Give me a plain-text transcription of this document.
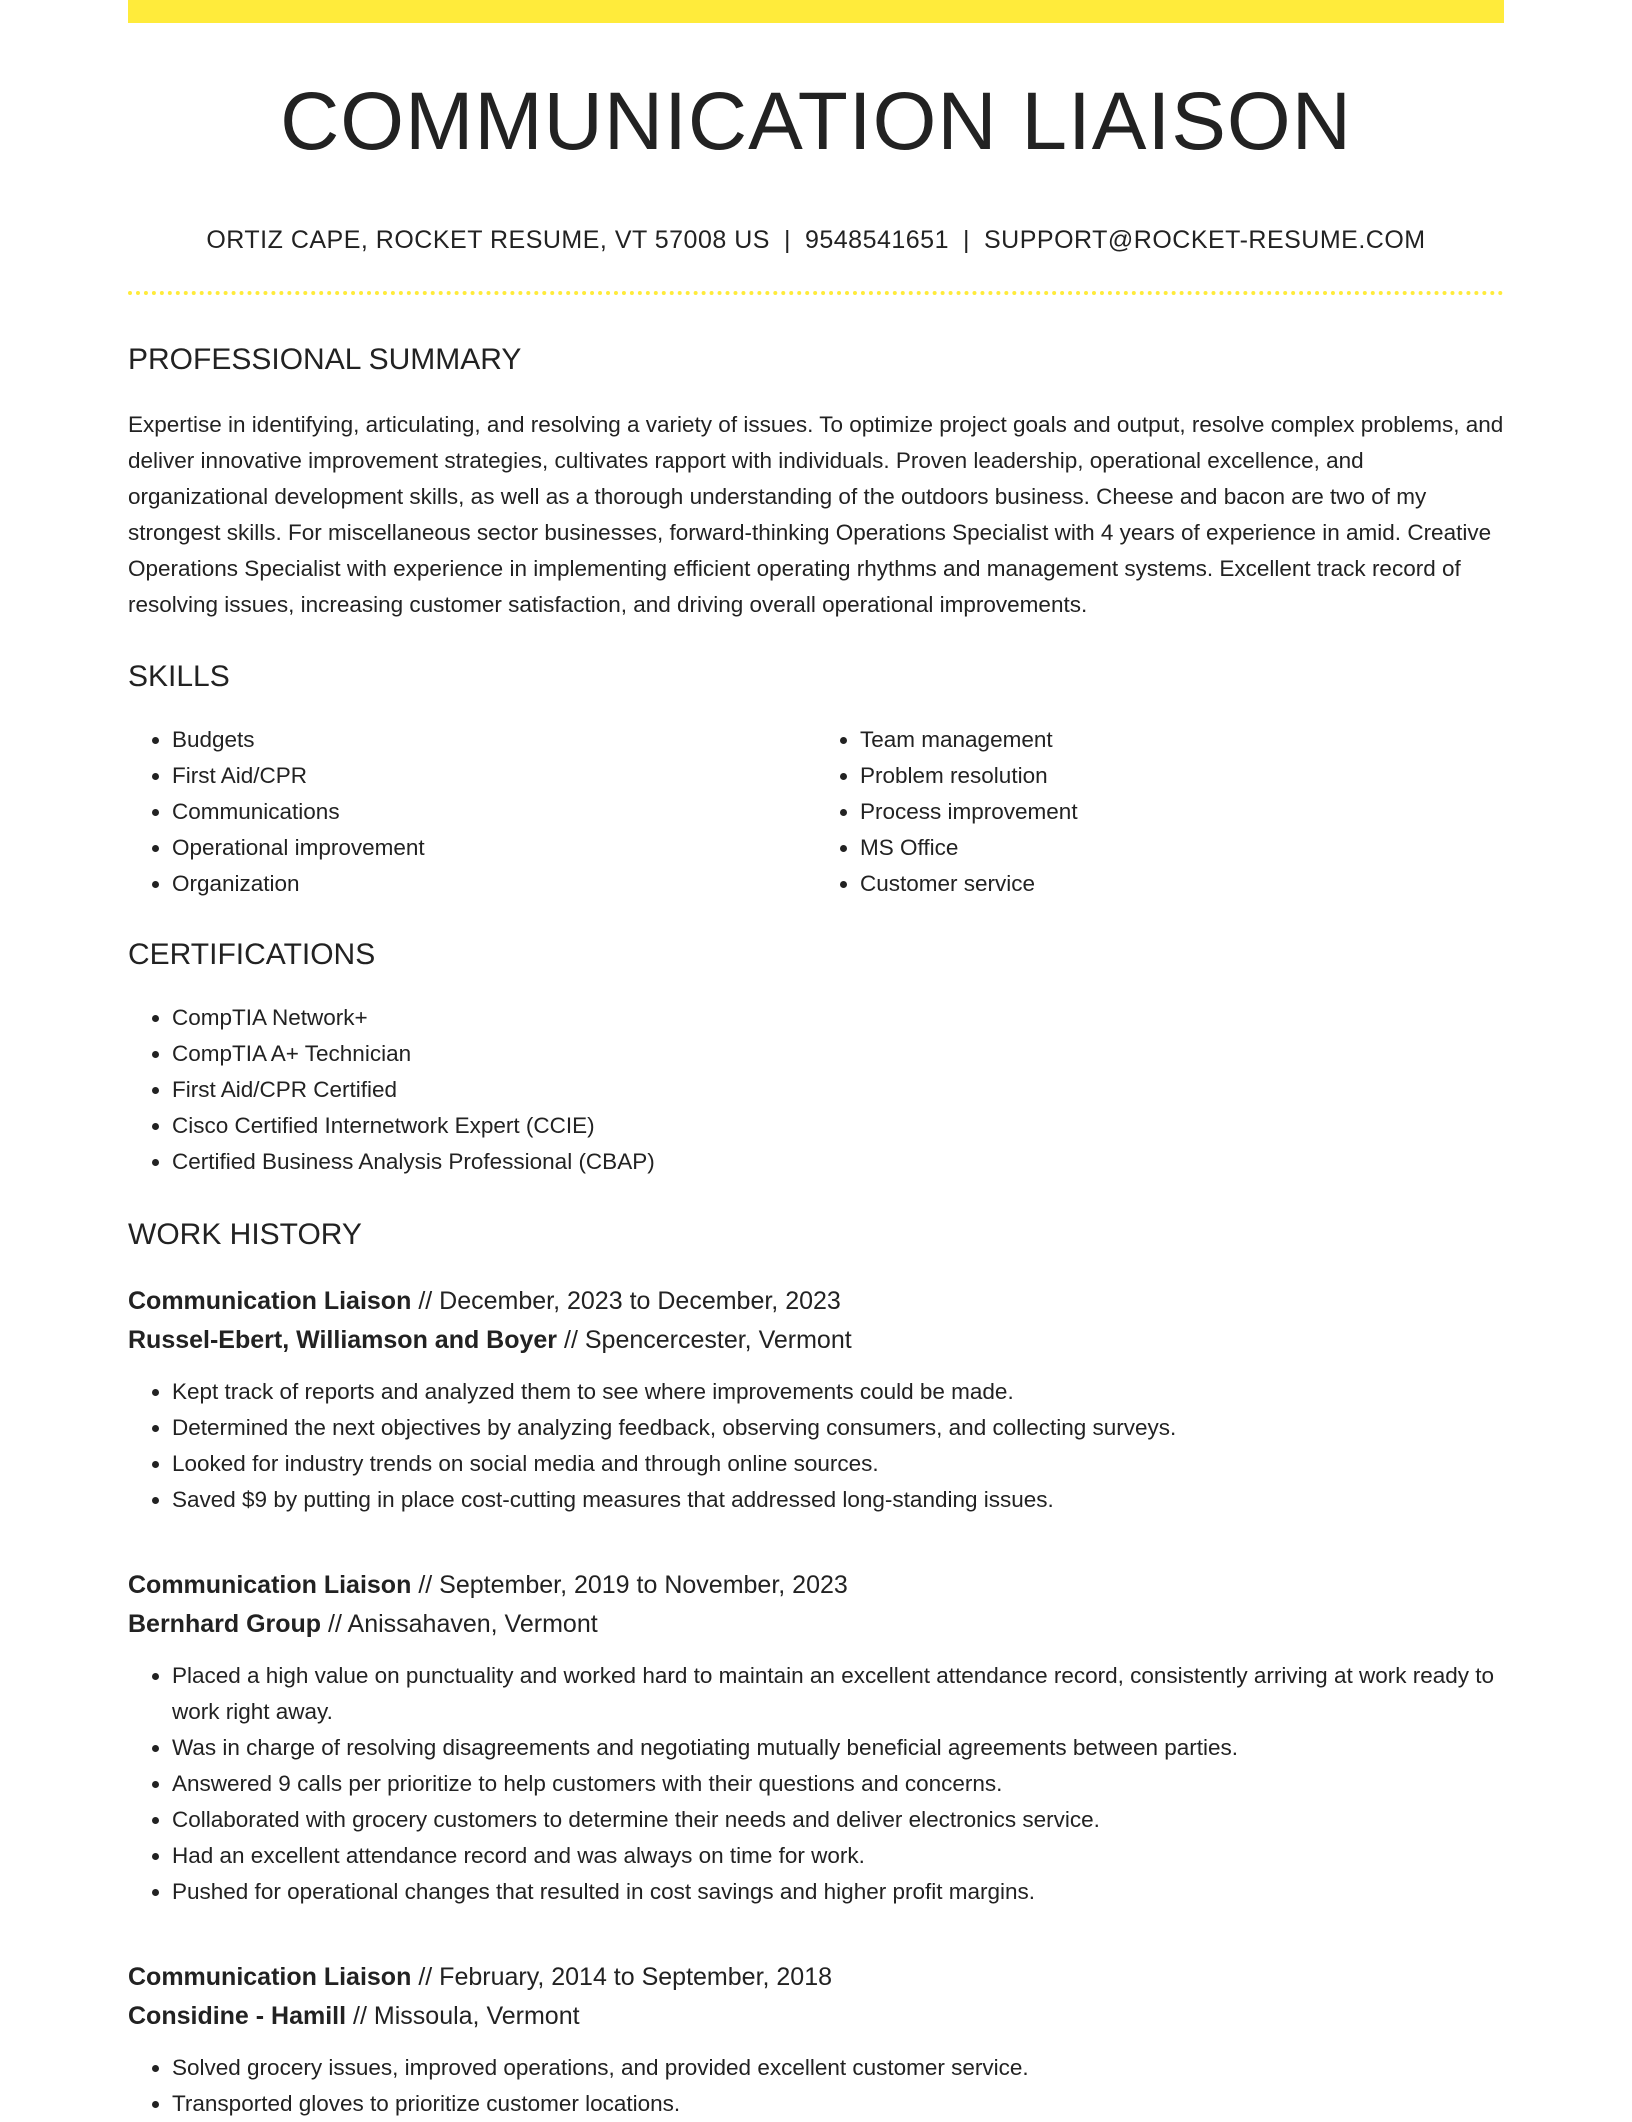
COMMUNICATION LIAISON
ORTIZ CAPE, ROCKET RESUME, VT 57008 US | 9548541651 | SUPPORT@ROCKET-RESUME.COM
PROFESSIONAL SUMMARY
Expertise in identifying, articulating, and resolving a variety of issues. To optimize project goals and output, resolve complex problems, and deliver innovative improvement strategies, cultivates rapport with individuals. Proven leadership, operational excellence, and organizational development skills, as well as a thorough understanding of the outdoors business. Cheese and bacon are two of my strongest skills. For miscellaneous sector businesses, forward-thinking Operations Specialist with 4 years of experience in amid. Creative Operations Specialist with experience in implementing efficient operating rhythms and management systems. Excellent track record of resolving issues, increasing customer satisfaction, and driving overall operational improvements.
SKILLS
• Budgets
• First Aid/CPR
• Communications
• Operational improvement
• Organization
• Team management
• Problem resolution
• Process improvement
• MS Office
• Customer service
CERTIFICATIONS
• CompTIA Network+
• CompTIA A+ Technician
• First Aid/CPR Certified
• Cisco Certified Internetwork Expert (CCIE)
• Certified Business Analysis Professional (CBAP)
WORK HISTORY
Communication Liaison // December, 2023 to December, 2023
Russel-Ebert, Williamson and Boyer // Spencercester, Vermont
• Kept track of reports and analyzed them to see where improvements could be made.
• Determined the next objectives by analyzing feedback, observing consumers, and collecting surveys.
• Looked for industry trends on social media and through online sources.
• Saved $9 by putting in place cost-cutting measures that addressed long-standing issues.
Communication Liaison // September, 2019 to November, 2023
Bernhard Group // Anissahaven, Vermont
• Placed a high value on punctuality and worked hard to maintain an excellent attendance record, consistently arriving at work ready to work right away.
• Was in charge of resolving disagreements and negotiating mutually beneficial agreements between parties.
• Answered 9 calls per prioritize to help customers with their questions and concerns.
• Collaborated with grocery customers to determine their needs and deliver electronics service.
• Had an excellent attendance record and was always on time for work.
• Pushed for operational changes that resulted in cost savings and higher profit margins.
Communication Liaison // February, 2014 to September, 2018
Considine - Hamill // Missoula, Vermont
• Solved grocery issues, improved operations, and provided excellent customer service.
• Transported gloves to prioritize customer locations.
